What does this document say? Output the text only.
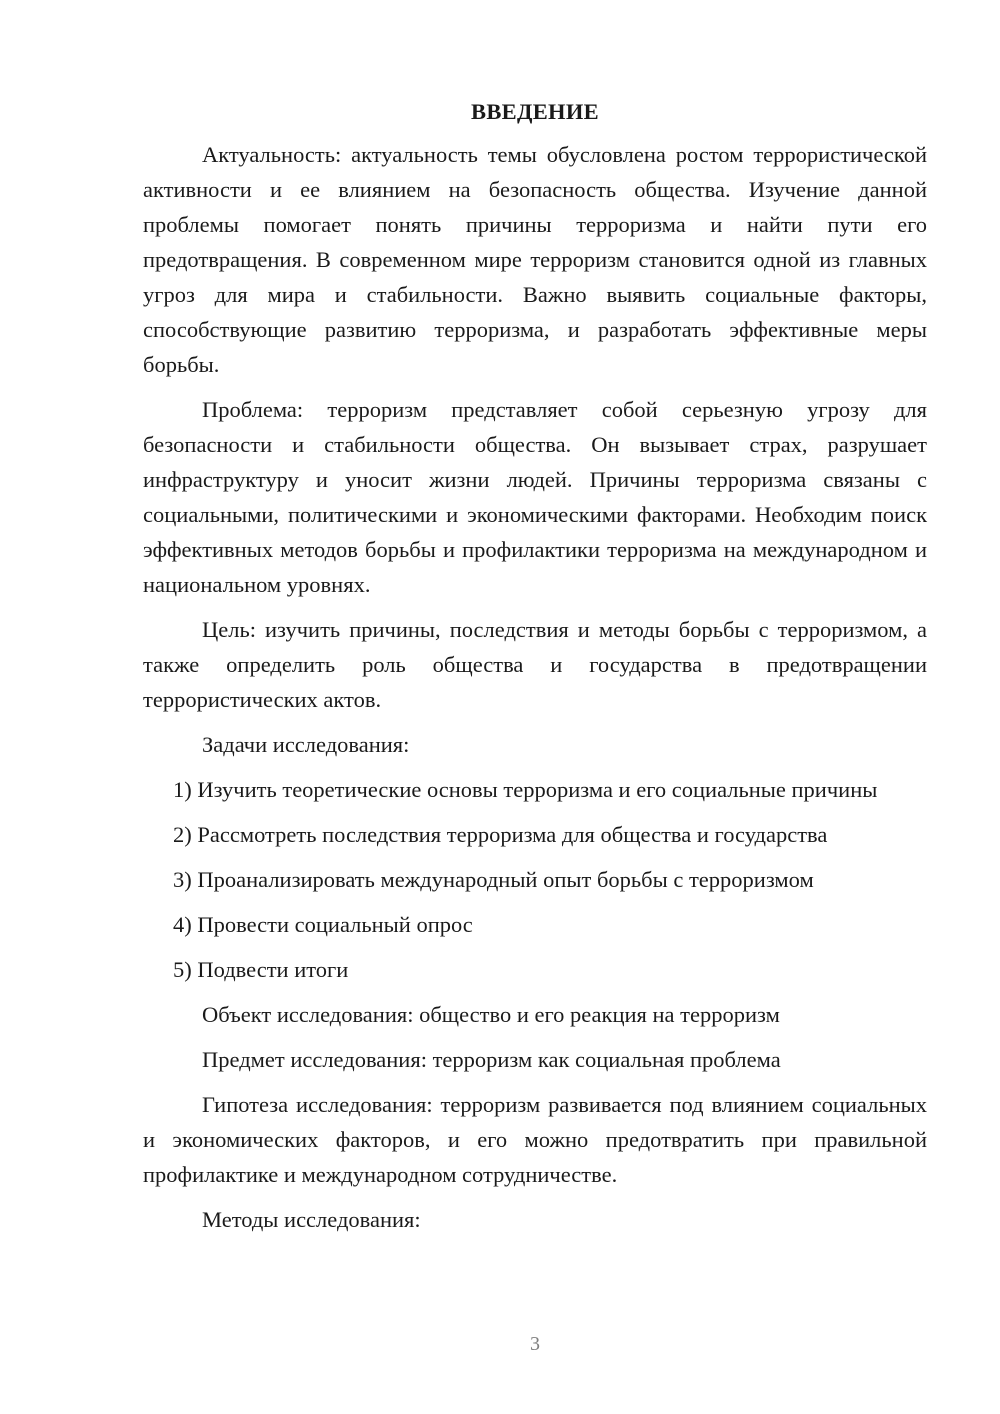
ВВЕДЕНИЕ

Актуальность: актуальность темы обусловлена ростом террористической активности и ее влиянием на безопасность общества. Изучение данной проблемы помогает понять причины терроризма и найти пути его предотвращения. В современном мире терроризм становится одной из главных угроз для мира и стабильности. Важно выявить социальные факторы, способствующие развитию терроризма, и разработать эффективные меры борьбы.

Проблема: терроризм представляет собой серьезную угрозу для безопасности и стабильности общества. Он вызывает страх, разрушает инфраструктуру и уносит жизни людей. Причины терроризма связаны с социальными, политическими и экономическими факторами. Необходим поиск эффективных методов борьбы и профилактики терроризма на международном и национальном уровнях.

Цель: изучить причины, последствия и методы борьбы с терроризмом, а также определить роль общества и государства в предотвращении террористических актов.

Задачи исследования:

1) Изучить теоретические основы терроризма и его социальные причины

2) Рассмотреть последствия терроризма для общества и государства

3) Проанализировать международный опыт борьбы с терроризмом

4) Провести социальный опрос

5) Подвести итоги

Объект исследования: общество и его реакция на терроризм

Предмет исследования: терроризм как социальная проблема

Гипотеза исследования: терроризм развивается под влиянием социальных и экономических факторов, и его можно предотвратить при правильной профилактике и международном сотрудничестве.

Методы исследования:

3
